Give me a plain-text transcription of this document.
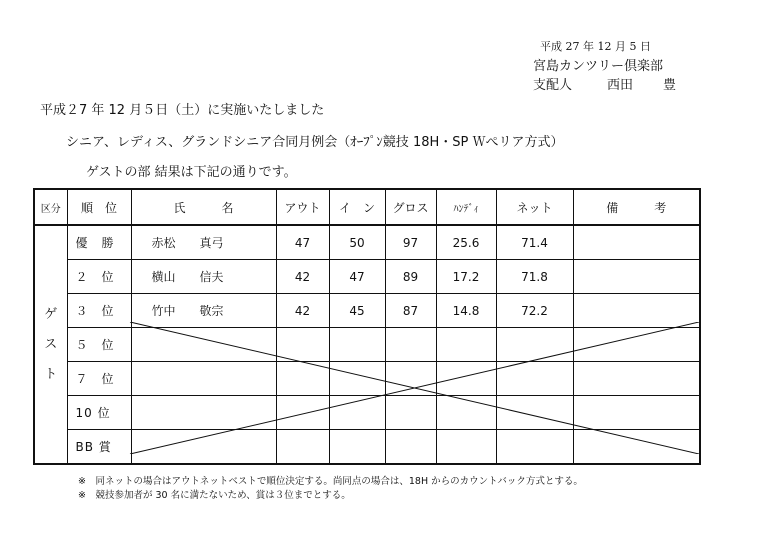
平成 27 年 12 月 5 日
宮島カンツリー倶楽部
支配人	西田 豊
平成２7 年 12 月５日（土）に実施いたしました
シニア、レディス、グランドシニア合同月例会（ｵｰﾌﾟﾝ競技 18H・SP Ｗぺリア方式）
ゲストの部 結果は下記の通りです。
区分	順　位	氏　　　名	アウト	イ　ン	グロス	ﾊﾝﾃﾞｨ	ネット	備　　　考

ゲ
ス
ト	優　勝	赤松　　真弓	47	50	97	25.6	71.4	
	２　位	横山　　信夫	42	47	89	17.2	71.8	
	３　位	竹中　　敬宗	42	45	87	14.8	72.2	
	５　位							
	７　位							
	10 位							
	BB 賞							
※　同ネットの場合はアウトネットベストで順位決定する。尚同点の場合は、18H からのカウントバック方式とする。
※　競技参加者が 30 名に満たないため、賞は３位までとする。
